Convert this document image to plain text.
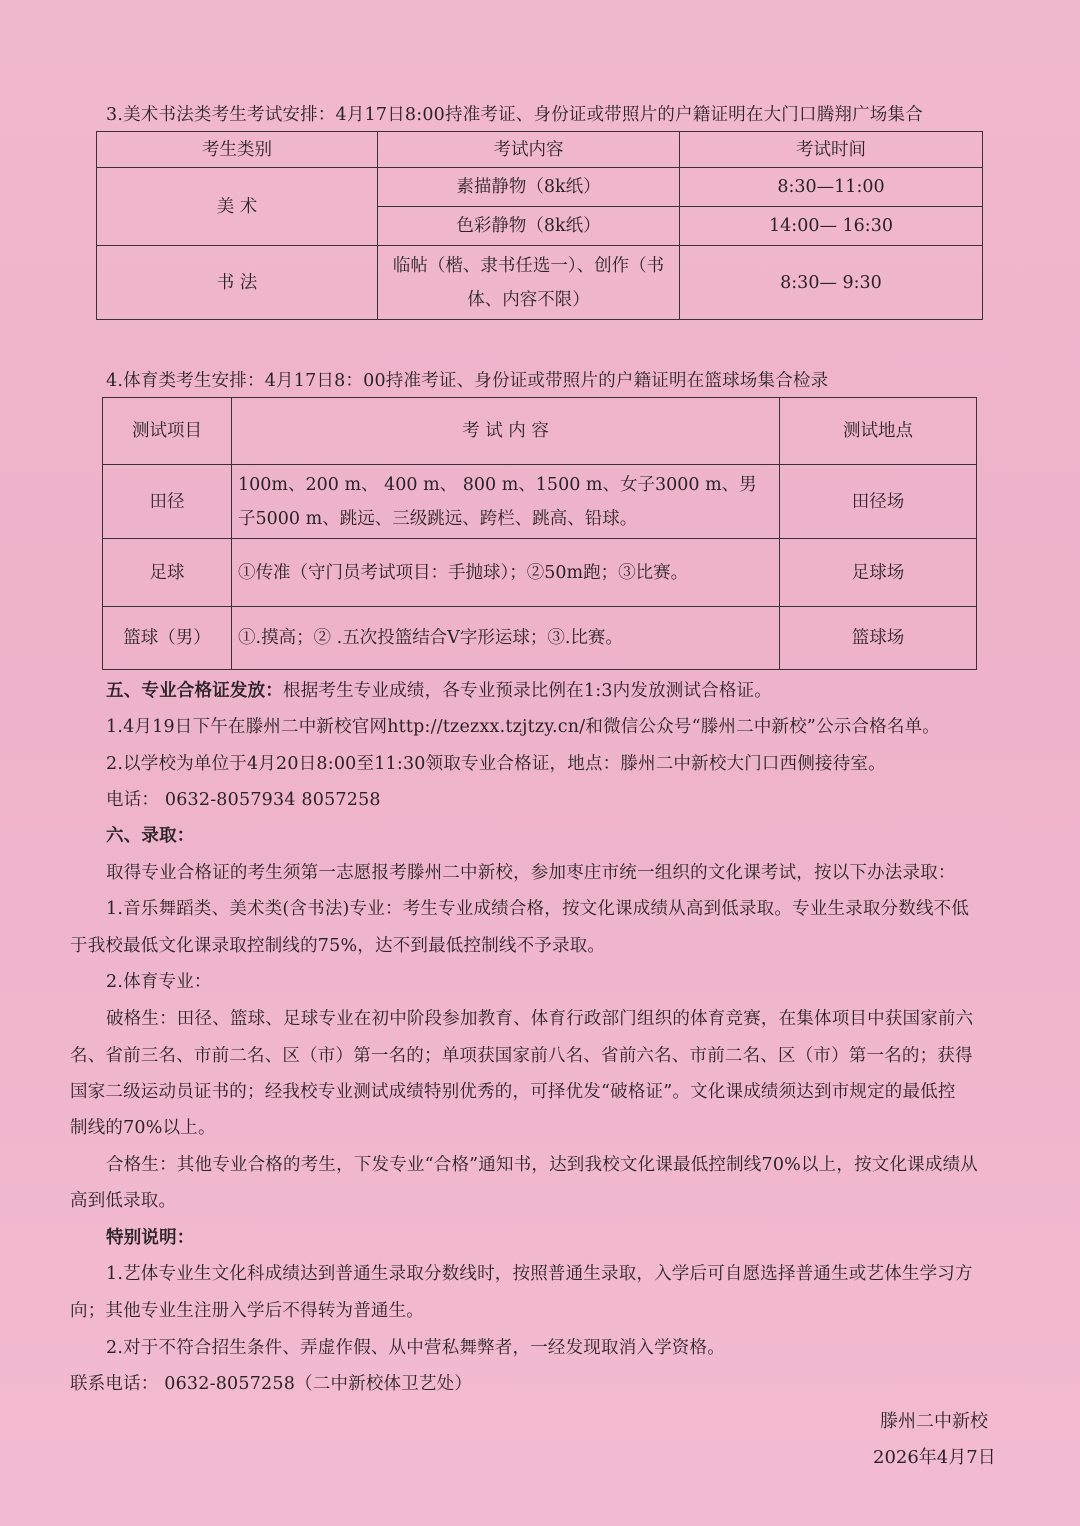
3.美术书法类考生考试安排：4月17日8:00持准考证、身份证或带照片的户籍证明在大门口腾翔广场集合
考生类别	考试内容	考试时间
美 术	素描静物（8k纸）	8:30—11:00
	色彩静物（8k纸）	14:00— 16:30
书 法	临帖（楷、隶书任选一）、创作（书体、内容不限）	8:30— 9:30
4.体育类考生安排：4月17日8：00持准考证、身份证或带照片的户籍证明在篮球场集合检录
测试项目	考 试 内 容	测试地点
田径	100m、200 m、 400 m、 800 m、1500 m、女子3000 m、男子5000 m、跳远、三级跳远、跨栏、跳高、铅球。	田径场
足球	①传准（守门员考试项目：手抛球）；②50m跑；③比赛。	足球场
篮球（男）	①.摸高；② .五次投篮结合V字形运球；③.比赛。	篮球场
五、专业合格证发放：根据考生专业成绩，各专业预录比例在1:3内发放测试合格证。
1.4月19日下午在滕州二中新校官网http://tzezxx.tzjtzy.cn/和微信公众号“滕州二中新校”公示合格名单。
2.以学校为单位于4月20日8:00至11:30领取专业合格证，地点：滕州二中新校大门口西侧接待室。
电话： 0632-8057934 8057258
六、录取：
取得专业合格证的考生须第一志愿报考滕州二中新校，参加枣庄市统一组织的文化课考试，按以下办法录取：
1.音乐舞蹈类、美术类(含书法)专业：考生专业成绩合格，按文化课成绩从高到低录取。专业生录取分数线不低
于我校最低文化课录取控制线的75%，达不到最低控制线不予录取。
2.体育专业：
破格生：田径、篮球、足球专业在初中阶段参加教育、体育行政部门组织的体育竞赛，在集体项目中获国家前六
名、省前三名、市前二名、区（市）第一名的；单项获国家前八名、省前六名、市前二名、区（市）第一名的；获得
国家二级运动员证书的；经我校专业测试成绩特别优秀的，可择优发“破格证”。文化课成绩须达到市规定的最低控
制线的70%以上。
合格生：其他专业合格的考生，下发专业“合格”通知书，达到我校文化课最低控制线70%以上，按文化课成绩从
高到低录取。
特别说明：
1.艺体专业生文化科成绩达到普通生录取分数线时，按照普通生录取，入学后可自愿选择普通生或艺体生学习方
向；其他专业生注册入学后不得转为普通生。
2.对于不符合招生条件、弄虚作假、从中营私舞弊者，一经发现取消入学资格。
联系电话： 0632-8057258（二中新校体卫艺处）
滕州二中新校
2026年4月7日
